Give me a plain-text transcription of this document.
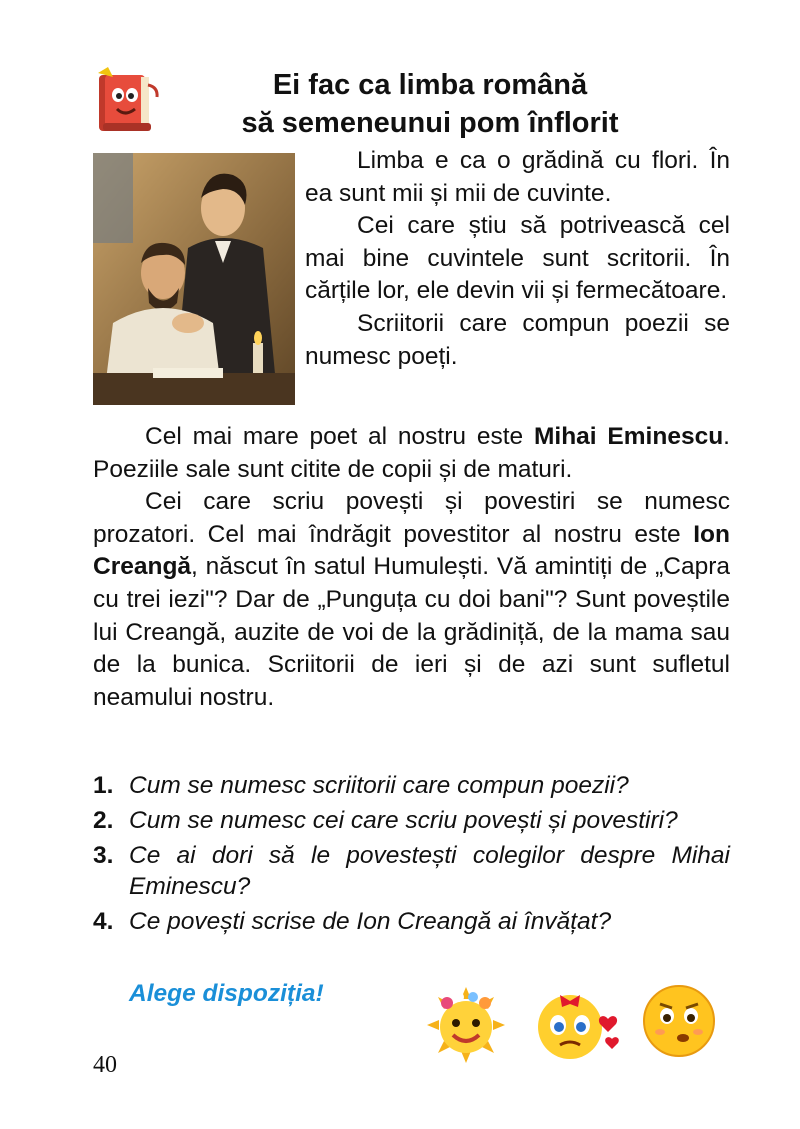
Ei fac ca limba română
să semeneunui pom înflorit

Limba e ca o grădină cu flori. În ea sunt mii și mii de cuvinte.

Cei care știu să potrivească cel mai bine cuvintele sunt scritorii. În cărțile lor, ele devin vii și fermecătoare.

Scriitorii care compun poezii se numesc poeți.

Cel mai mare poet al nostru este Mihai Eminescu. Poeziile sale sunt citite de copii și de maturi.

Cei care scriu povești și povestiri se numesc prozatori. Cel mai îndrăgit povestitor al nostru este Ion Creangă, născut în satul Humulești. Vă amintiți de „Capra cu trei iezi"? Dar de „Punguța cu doi bani"? Sunt poveștile lui Creangă, auzite de voi de la grădiniță, de la mama sau de la bunica. Scriitorii de ieri și de azi sunt sufletul neamului nostru.

1. Cum se numesc scriitorii care compun poezii?
2. Cum se numesc cei care scriu povești și povestiri?
3. Ce ai dori să le povestești colegilor despre Mihai Eminescu?
4. Ce povești scrise de Ion Creangă ai învățat?
Alege dispoziția!
40
